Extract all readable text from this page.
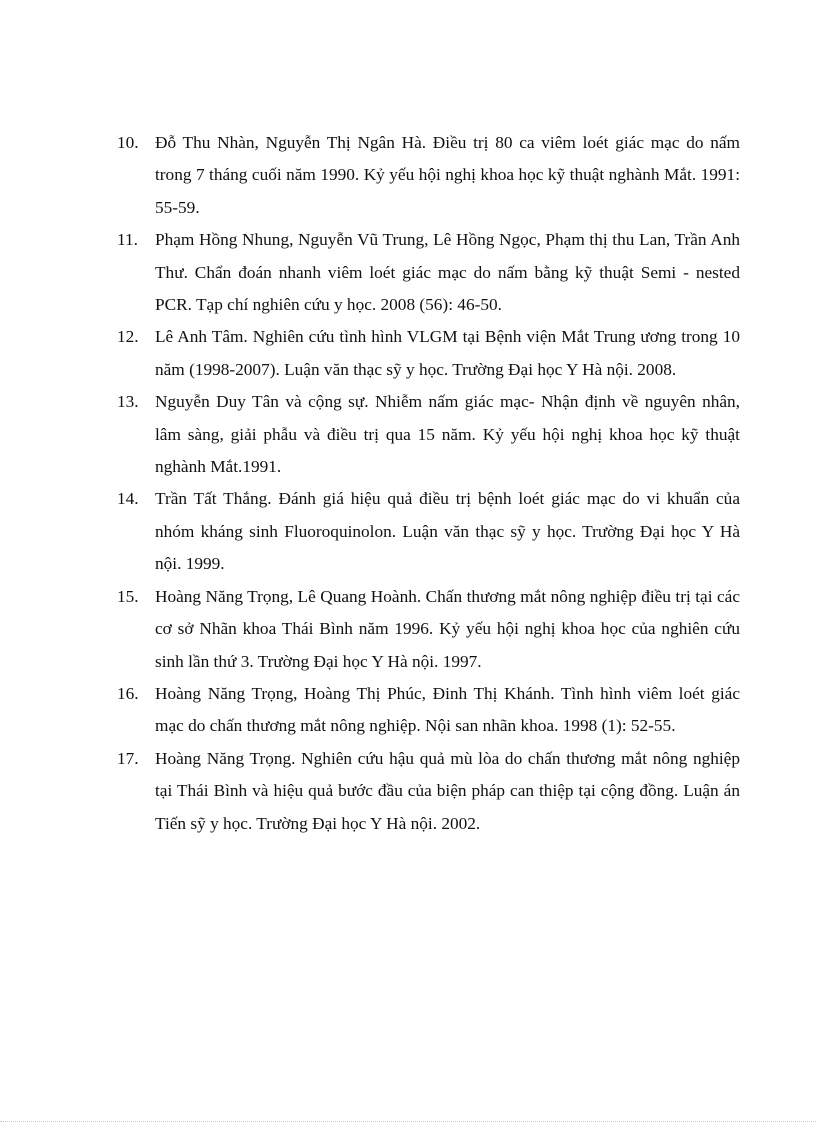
10. Đỗ Thu Nhàn, Nguyễn Thị Ngân Hà. Điều trị 80 ca viêm loét giác mạc do nấm trong 7 tháng cuối năm 1990. Kỷ yếu hội nghị khoa học kỹ thuật nghành Mắt. 1991: 55-59.
11. Phạm Hồng Nhung, Nguyễn Vũ Trung, Lê Hồng Ngọc, Phạm thị thu Lan, Trần Anh Thư. Chẩn đoán nhanh viêm loét giác mạc do nấm bằng kỹ thuật Semi - nested PCR. Tạp chí nghiên cứu y học. 2008 (56): 46-50.
12. Lê Anh Tâm. Nghiên cứu tình hình VLGM tại Bệnh viện Mắt Trung ương trong 10 năm (1998-2007). Luận văn thạc sỹ y học. Trường Đại học Y Hà nội. 2008.
13. Nguyễn Duy Tân và cộng sự. Nhiễm nấm giác mạc- Nhận định về nguyên nhân, lâm sàng, giải phẫu và điều trị qua 15 năm. Kỷ yếu hội nghị khoa học kỹ thuật nghành Mắt.1991.
14. Trần Tất Thắng. Đánh giá hiệu quả điều trị bệnh loét giác mạc do vi khuẩn của nhóm kháng sinh Fluoroquinolon. Luận văn thạc sỹ y học. Trường Đại học Y Hà nội. 1999.
15. Hoàng Năng Trọng, Lê Quang Hoành. Chấn thương mắt nông nghiệp điều trị tại các cơ sở Nhãn khoa Thái Bình năm 1996. Kỷ yếu hội nghị khoa học của nghiên cứu sinh lần thứ 3. Trường Đại học Y Hà nội. 1997.
16. Hoàng Năng Trọng, Hoàng Thị Phúc, Đinh Thị Khánh. Tình hình viêm loét giác mạc do chấn thương mắt nông nghiệp. Nội san nhãn khoa. 1998 (1): 52-55.
17. Hoàng Năng Trọng. Nghiên cứu hậu quả mù lòa do chấn thương mắt nông nghiệp tại Thái Bình và hiệu quả bước đầu của biện pháp can thiệp tại cộng đồng. Luận án Tiến sỹ y học. Trường Đại học Y Hà nội. 2002.
